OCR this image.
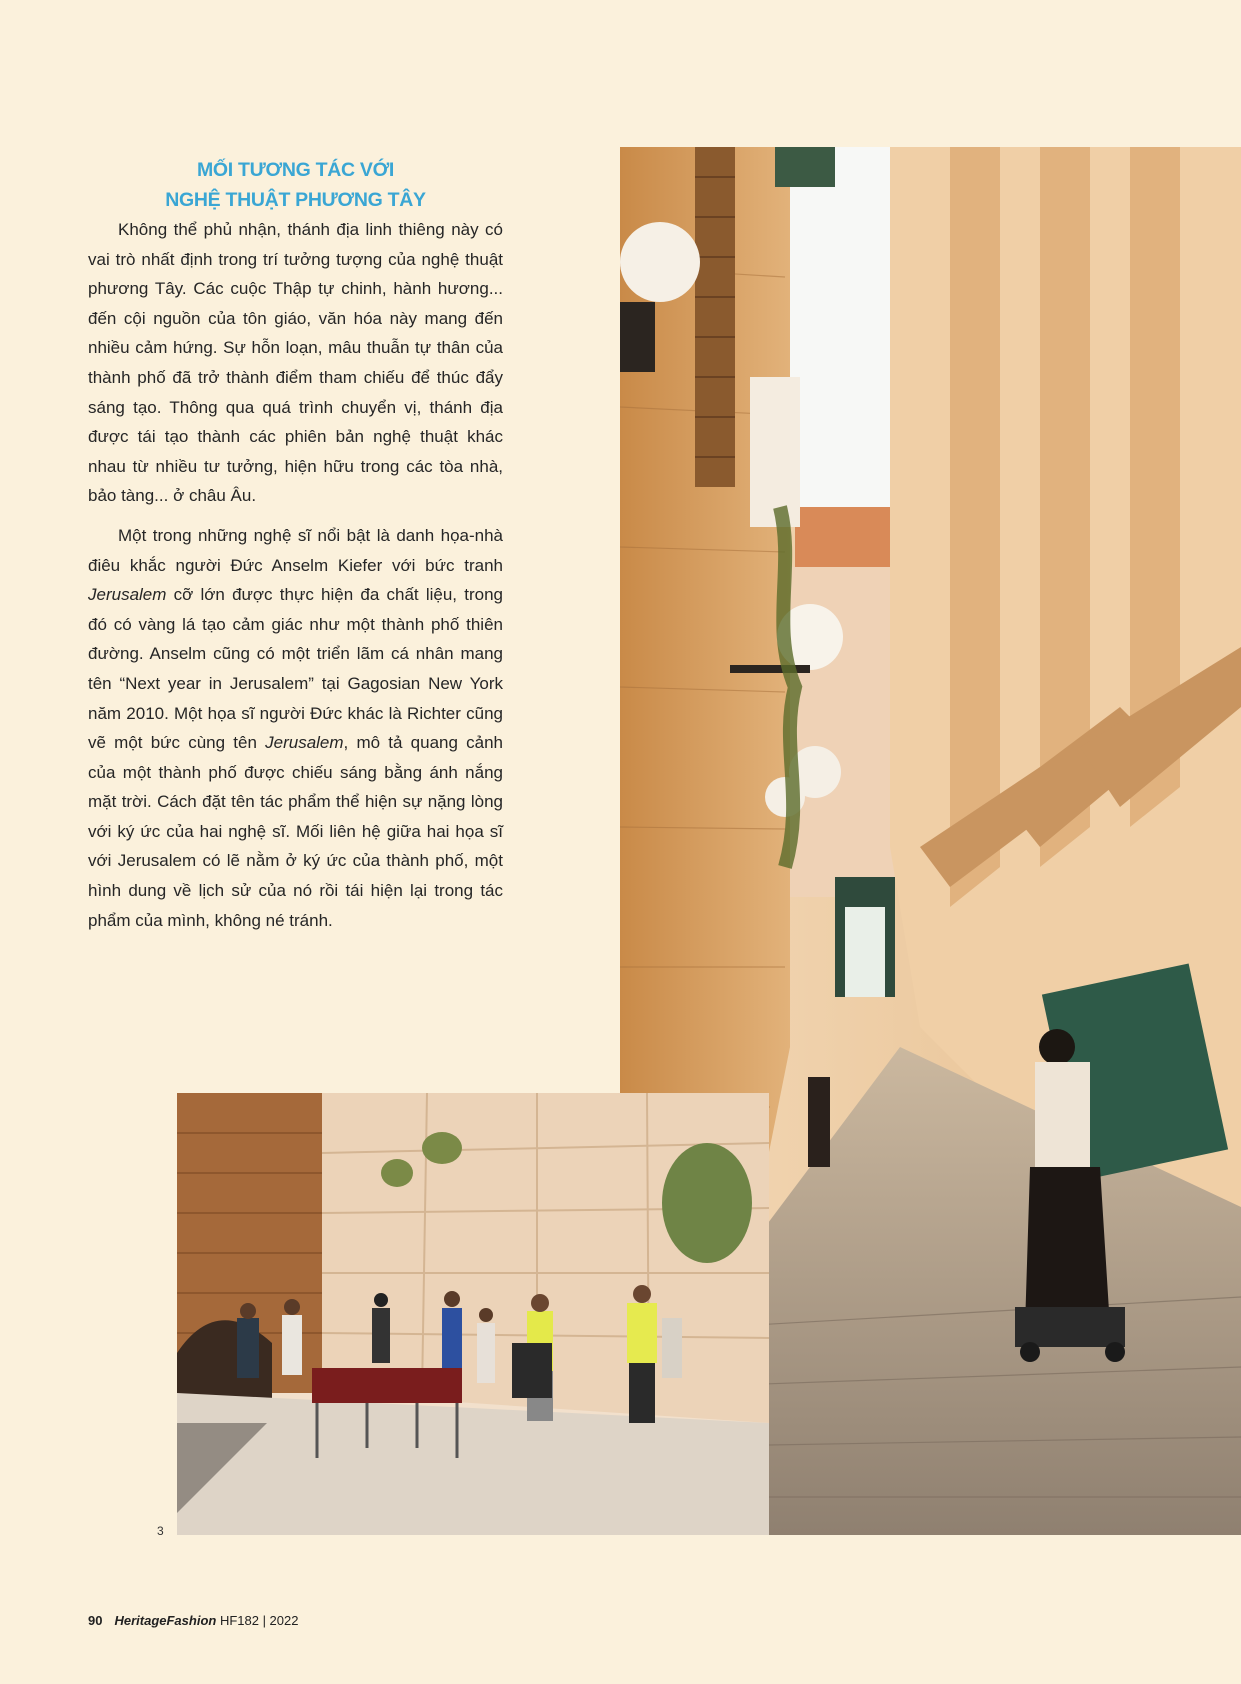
MỐI TƯƠNG TÁC VỚI
NGHỆ THUẬT PHƯƠNG TÂY

Không thể phủ nhận, thánh địa linh thiêng này có vai trò nhất định trong trí tưởng tượng của nghệ thuật phương Tây. Các cuộc Thập tự chinh, hành hương... đến cội nguồn của tôn giáo, văn hóa này mang đến nhiều cảm hứng. Sự hỗn loạn, mâu thuẫn tự thân của thành phố đã trở thành điểm tham chiếu để thúc đẩy sáng tạo. Thông qua quá trình chuyển vị, thánh địa được tái tạo thành các phiên bản nghệ thuật khác nhau từ nhiều tư tưởng, hiện hữu trong các tòa nhà, bảo tàng... ở châu Âu.

Một trong những nghệ sĩ nổi bật là danh họa-nhà điêu khắc người Đức Anselm Kiefer với bức tranh Jerusalem cỡ lớn được thực hiện đa chất liệu, trong đó có vàng lá tạo cảm giác như một thành phố thiên đường. Anselm cũng có một triển lãm cá nhân mang tên “Next year in Jerusalem” tại Gagosian New York năm 2010. Một họa sĩ người Đức khác là Richter cũng vẽ một bức cùng tên Jerusalem, mô tả quang cảnh của một thành phố được chiếu sáng bằng ánh nắng mặt trời. Cách đặt tên tác phẩm thể hiện sự nặng lòng với ký ức của hai nghệ sĩ. Mối liên hệ giữa hai họa sĩ với Jerusalem có lẽ nằm ở ký ức của thành phố, một hình dung về lịch sử của nó rồi tái hiện lại trong tác phẩm của mình, không né tránh.

3
90 HeritageFashion HF182 | 2022
